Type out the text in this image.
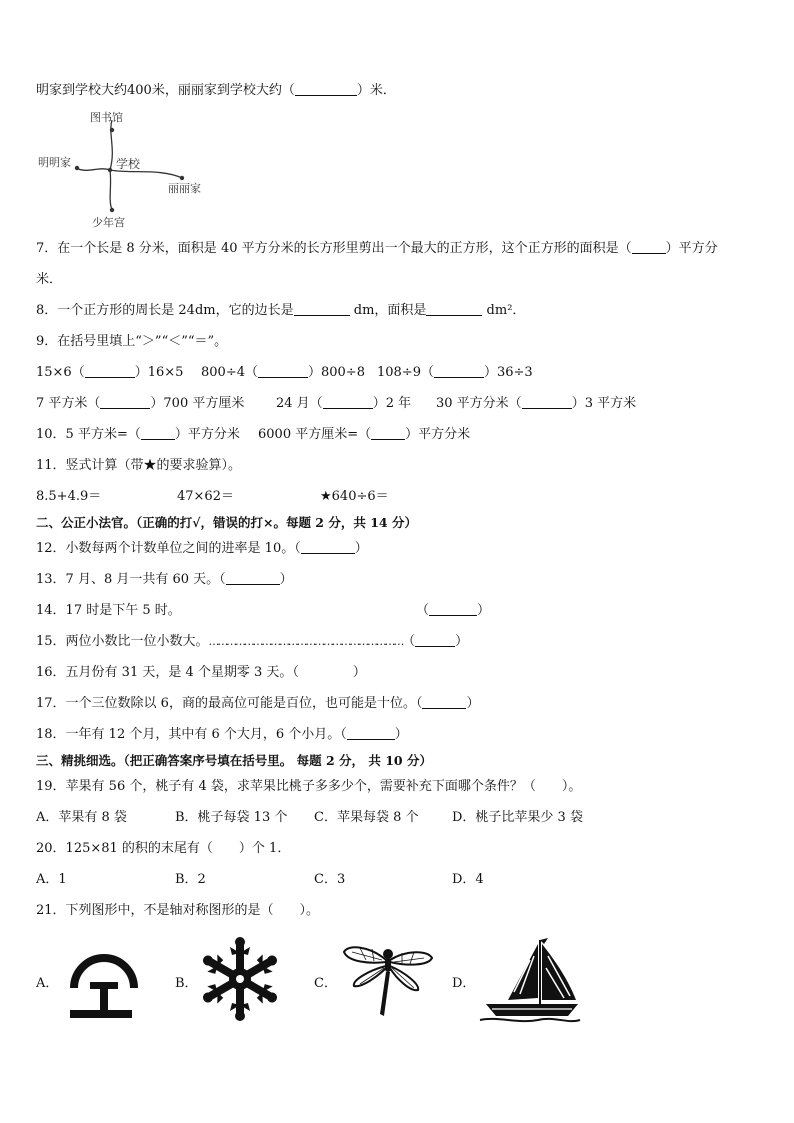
明家到学校大约400米，丽丽家到学校大约（	）米．
图书馆
明明家	学校
丽丽家
少年宫
7．在一个长是 8 分米，面积是 40 平方分米的长方形里剪出一个最大的正方形，这个正方形的面积是（	）平方分
米．
8．一个正方形的周长是 24dm，它的边长是	dm，面积是	dm²．
9．在括号里填上“＞”“＜”“＝”。
15×6（	）16×5 800÷4（	）800÷8 108÷9（	）36÷3
7 平方米（	）700 平方厘米 24 月（	）2 年 30 平方分米（	）3 平方米
10．5 平方米=（	）平方分米 6000 平方厘米=（	）平方分米
11．竖式计算（带★的要求验算）。
8.5+4.9＝	47×62＝	★640÷6＝
二、公正小法官。（正确的打√，错误的打×。每题 2 分，共 14 分）
12．小数每两个计数单位之间的进率是 10。（	）
13．7 月、8 月一共有 60 天。（	）
14．17 时是下午 5 时。	（	）
15．两位小数比一位小数大。…………………………………………………………（	）
16．五月份有 31 天，是 4 个星期零 3 天。（	）
17．一个三位数除以 6，商的最高位可能是百位，也可能是十位。（	）
18．一年有 12 个月，其中有 6 个大月，6 个小月。（	）
三、精挑细选。（把正确答案序号填在括号里。 每题 2 分， 共 10 分）
19．苹果有 56 个，桃子有 4 袋，求苹果比桃子多多少个，需要补充下面哪个条件？（　　）。
A．苹果有 8 袋	B．桃子每袋 13 个 C．苹果每袋 8 个	D．桃子比苹果少 3 袋
20．125×81 的积的末尾有（　　）个 1．
A．1	B．2	C．3	D．4
21．下列图形中，不是轴对称图形的是（　　）。
A．	B．	C．	D．
